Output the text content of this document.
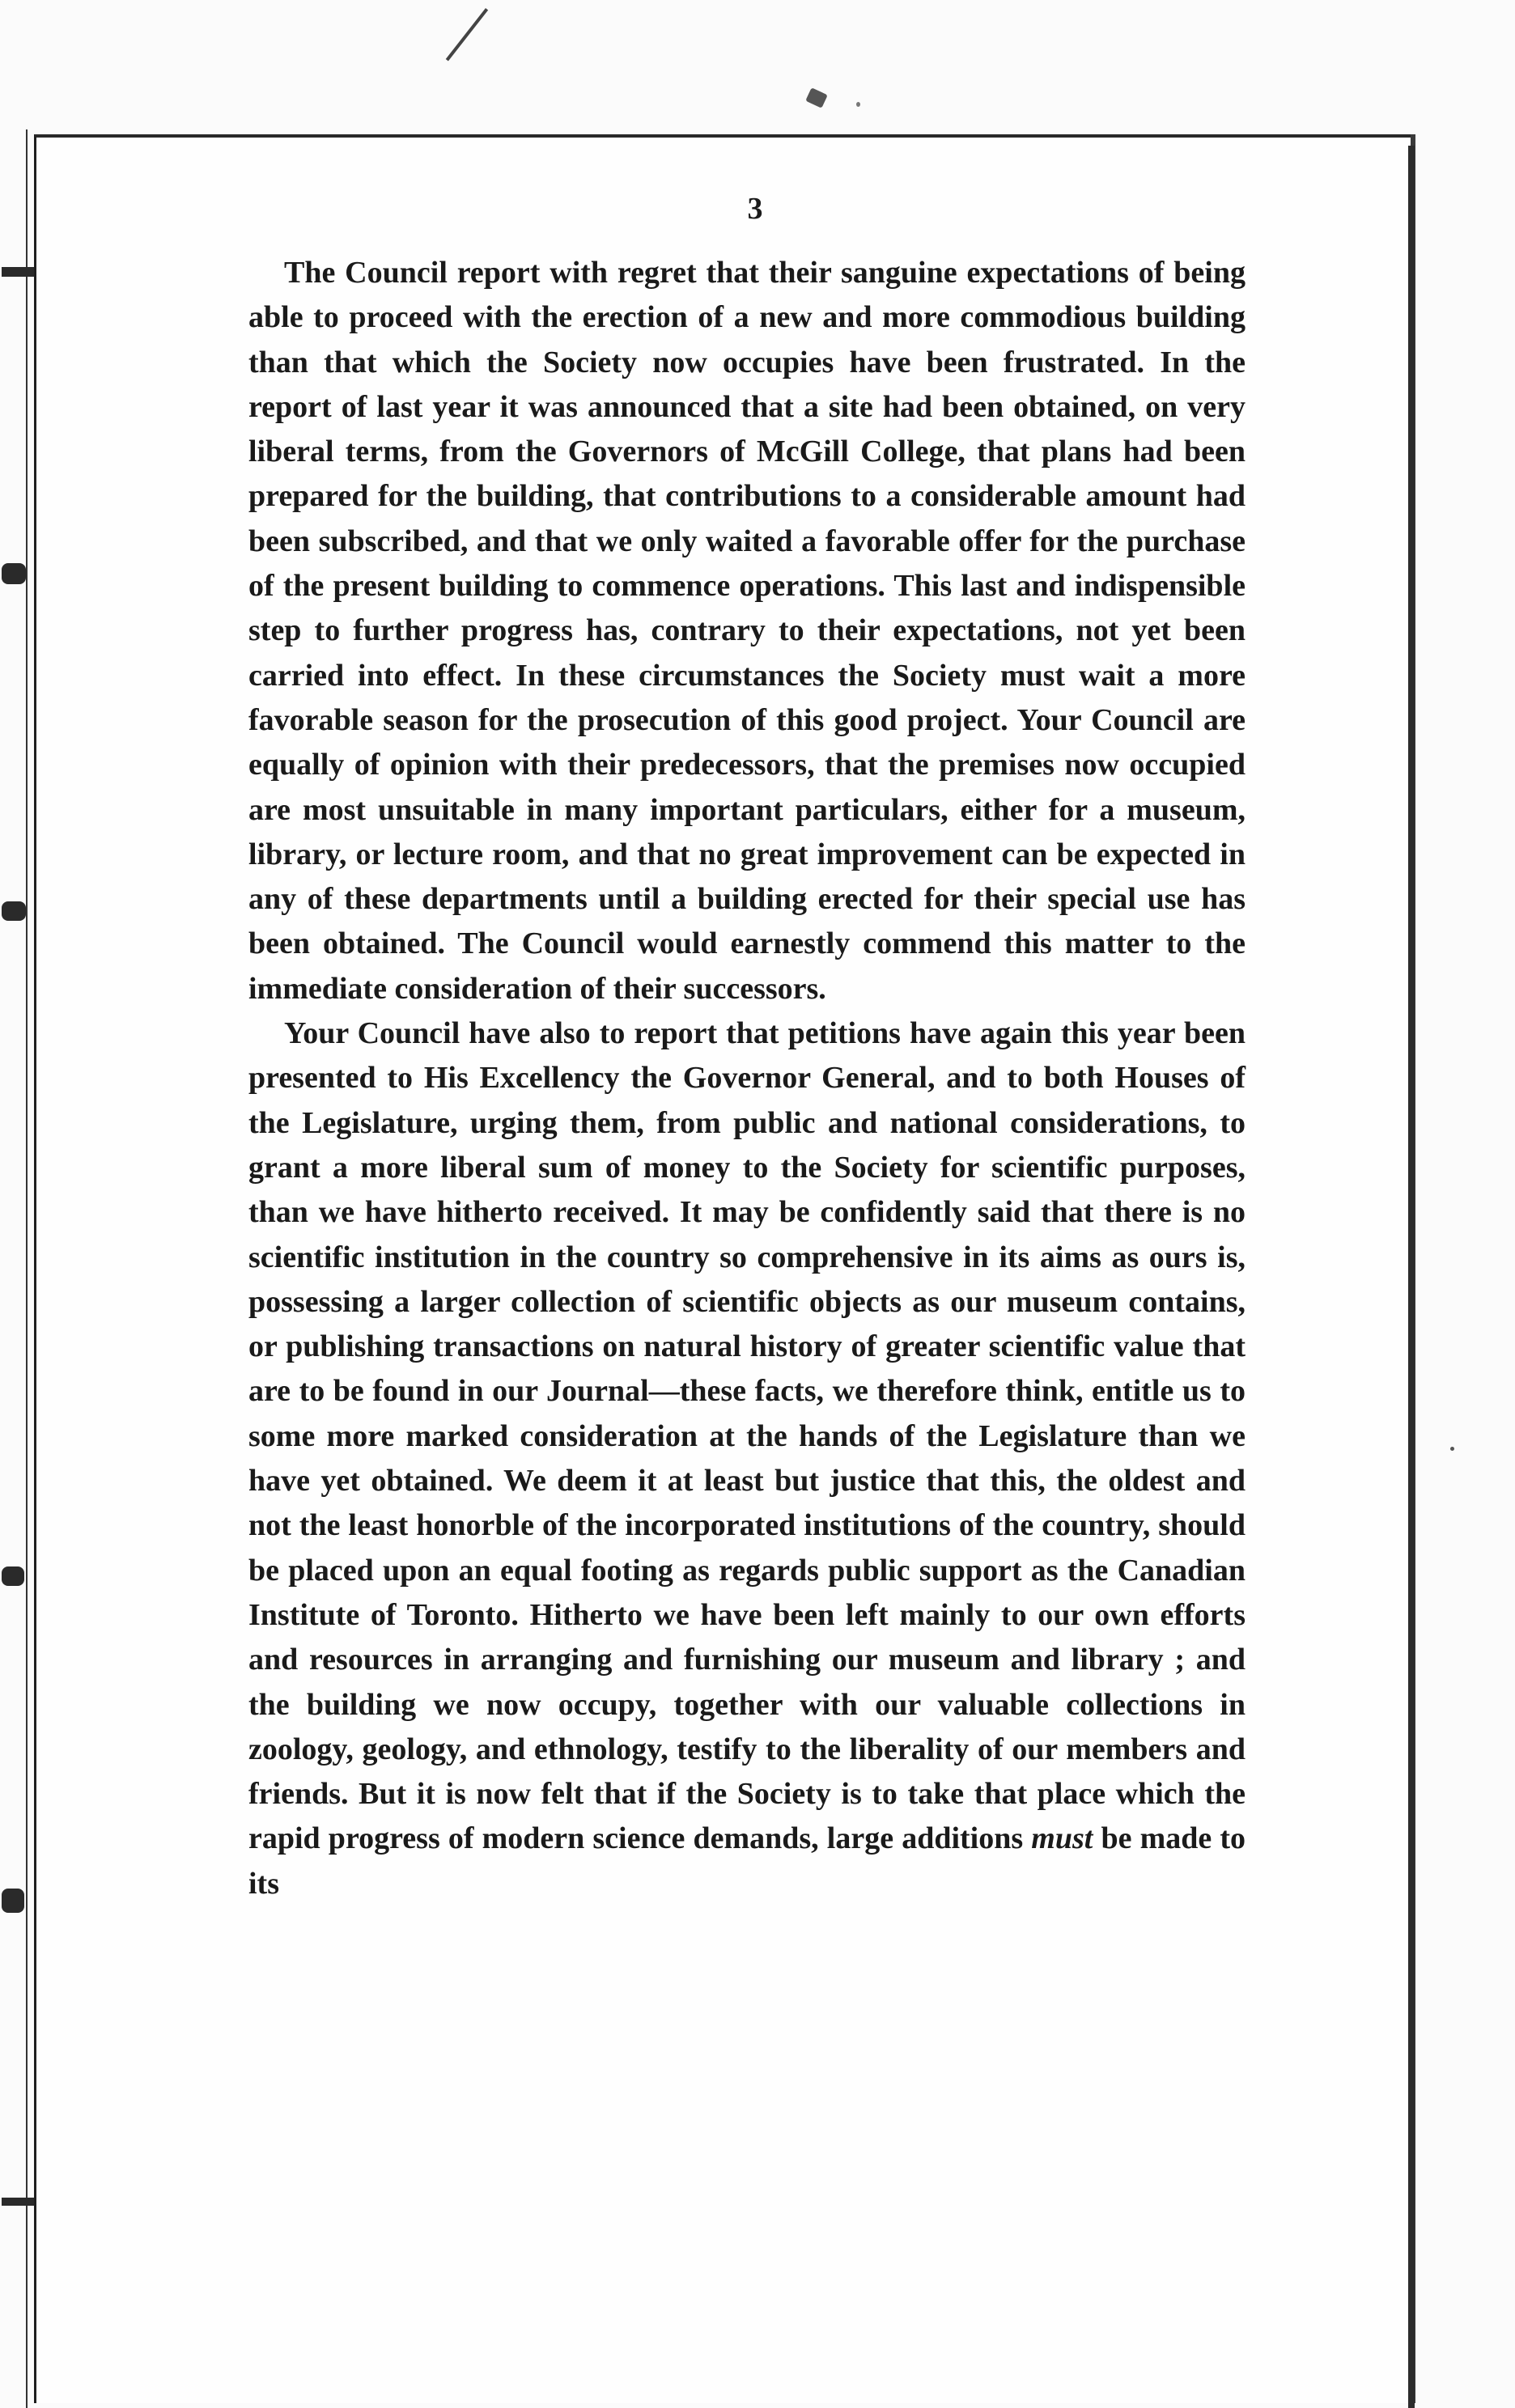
3

The Council report with regret that their sanguine expectations of being able to proceed with the erection of a new and more commodious building than that which the Society now occupies have been frustrated. In the report of last year it was announced that a site had been obtained, on very liberal terms, from the Governors of McGill College, that plans had been prepared for the building, that contributions to a considerable amount had been subscribed, and that we only waited a favorable offer for the purchase of the present building to commence operations. This last and indispensible step to further progress has, contrary to their expectations, not yet been carried into effect. In these circumstances the Society must wait a more favorable season for the prosecution of this good project. Your Council are equally of opinion with their predecessors, that the premises now occupied are most unsuitable in many important particulars, either for a museum, library, or lecture room, and that no great improvement can be expected in any of these departments until a building erected for their special use has been obtained. The Council would earnestly commend this matter to the immediate consideration of their successors.

Your Council have also to report that petitions have again this year been presented to His Excellency the Governor General, and to both Houses of the Legislature, urging them, from public and national considerations, to grant a more liberal sum of money to the Society for scientific purposes, than we have hitherto received. It may be confidently said that there is no scientific institution in the country so comprehensive in its aims as ours is, possessing a larger collection of scientific objects as our museum contains, or publishing transactions on natural history of greater scientific value that are to be found in our Journal—these facts, we therefore think, entitle us to some more marked consideration at the hands of the Legislature than we have yet obtained. We deem it at least but justice that this, the oldest and not the least honorble of the incorporated institutions of the country, should be placed upon an equal footing as regards public support as the Canadian Institute of Toronto. Hitherto we have been left mainly to our own efforts and resources in arranging and furnishing our museum and library ; and the building we now occupy, together with our valuable collections in zoology, geology, and ethnology, testify to the liberality of our members and friends. But it is now felt that if the Society is to take that place which the rapid progress of modern science demands, large additions must be made to its
